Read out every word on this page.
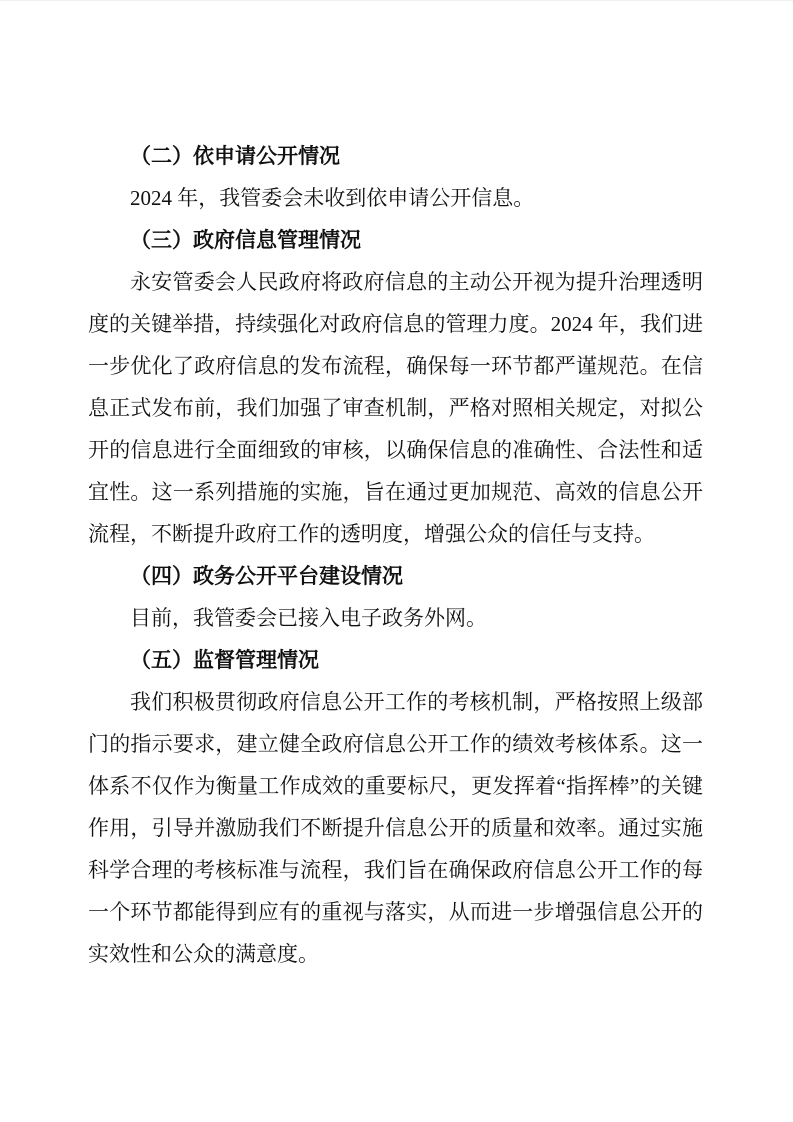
（二）依申请公开情况

2024 年，我管委会未收到依申请公开信息。

（三）政府信息管理情况

永安管委会人民政府将政府信息的主动公开视为提升治理透明度的关键举措，持续强化对政府信息的管理力度。2024 年，我们进一步优化了政府信息的发布流程，确保每一环节都严谨规范。在信息正式发布前，我们加强了审查机制，严格对照相关规定，对拟公开的信息进行全面细致的审核，以确保信息的准确性、合法性和适宜性。这一系列措施的实施，旨在通过更加规范、高效的信息公开流程，不断提升政府工作的透明度，增强公众的信任与支持。

（四）政务公开平台建设情况

目前，我管委会已接入电子政务外网。

（五）监督管理情况

我们积极贯彻政府信息公开工作的考核机制，严格按照上级部门的指示要求，建立健全政府信息公开工作的绩效考核体系。这一体系不仅作为衡量工作成效的重要标尺，更发挥着“指挥棒”的关键作用，引导并激励我们不断提升信息公开的质量和效率。通过实施科学合理的考核标准与流程，我们旨在确保政府信息公开工作的每一个环节都能得到应有的重视与落实，从而进一步增强信息公开的实效性和公众的满意度。
